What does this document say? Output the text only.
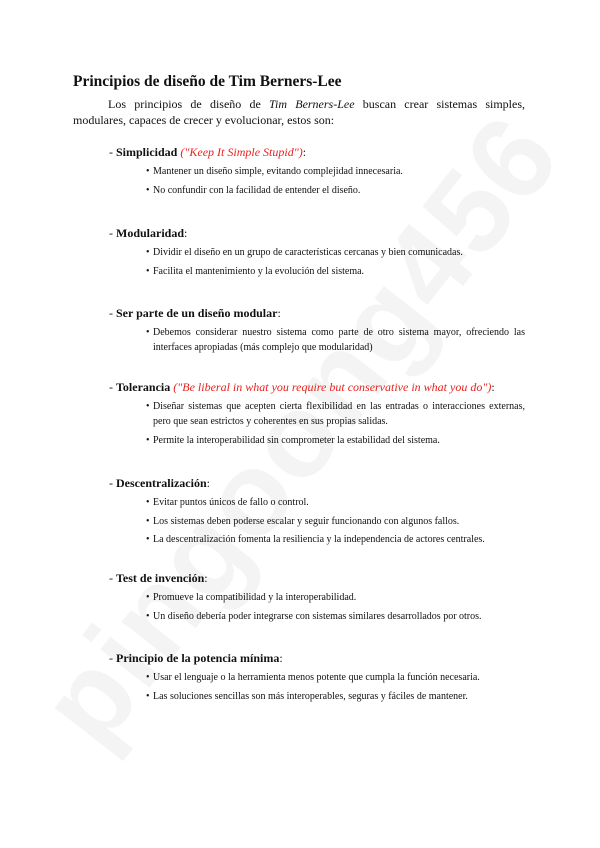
Principios de diseño de Tim Berners-Lee

Los principios de diseño de Tim Berners-Lee buscan crear sistemas simples, modulares, capaces de crecer y evolucionar, estos son:

- Simplicidad ("Keep It Simple Stupid"):
• Mantener un diseño simple, evitando complejidad innecesaria.
• No confundir con la facilidad de entender el diseño.
- Modularidad:
• Dividir el diseño en un grupo de características cercanas y bien comunicadas.
• Facilita el mantenimiento y la evolución del sistema.
- Ser parte de un diseño modular:
• Debemos considerar nuestro sistema como parte de otro sistema mayor, ofreciendo las interfaces apropiadas (más complejo que modularidad)
- Tolerancia ("Be liberal in what you require but conservative in what you do"):
• Diseñar sistemas que acepten cierta flexibilidad en las entradas o interacciones externas, pero que sean estrictos y coherentes en sus propias salidas.
• Permite la interoperabilidad sin comprometer la estabilidad del sistema.
- Descentralización:
• Evitar puntos únicos de fallo o control.
• Los sistemas deben poderse escalar y seguir funcionando con algunos fallos.
• La descentralización fomenta la resiliencia y la independencia de actores centrales.
- Test de invención:
• Promueve la compatibilidad y la interoperabilidad.
• Un diseño debería poder integrarse con sistemas similares desarrollados por otros.
- Principio de la potencia mínima:
• Usar el lenguaje o la herramienta menos potente que cumpla la función necesaria.
• Las soluciones sencillas son más interoperables, seguras y fáciles de mantener.
